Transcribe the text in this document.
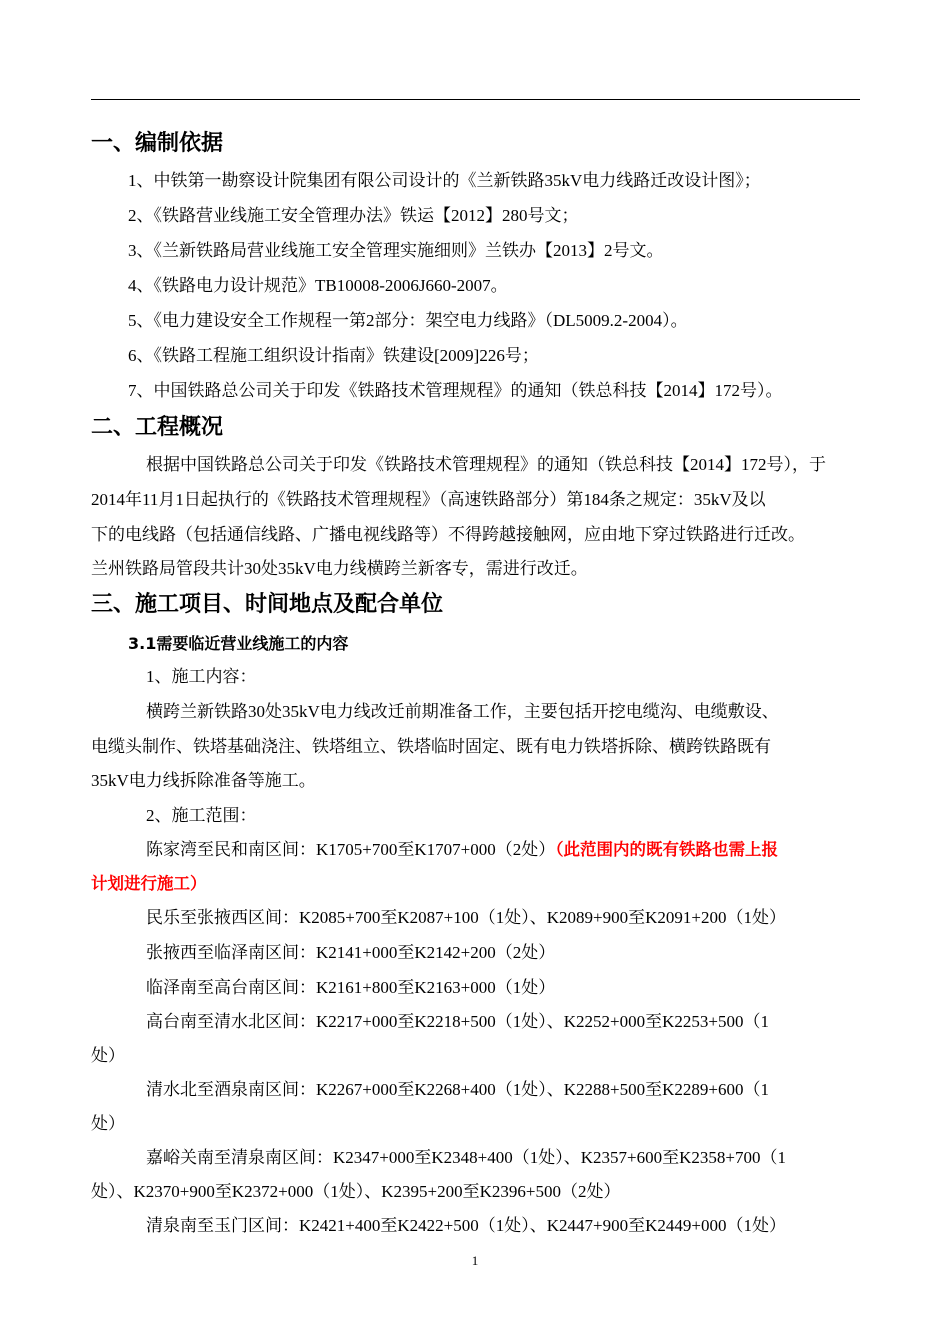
一、编制依据
1、中铁第一勘察设计院集团有限公司设计的《兰新铁路35kV电力线路迁改设计图》；
2、《铁路营业线施工安全管理办法》铁运【2012】280号文；
3、《兰新铁路局营业线施工安全管理实施细则》兰铁办【2013】2号文。
4、《铁路电力设计规范》TB10008-2006J660-2007。
5、《电力建设安全工作规程一第2部分：架空电力线路》（DL5009.2-2004）。
6、《铁路工程施工组织设计指南》铁建设[2009]226号；
7、中国铁路总公司关于印发《铁路技术管理规程》的通知（铁总科技【2014】172号）。
二、工程概况
根据中国铁路总公司关于印发《铁路技术管理规程》的通知（铁总科技【2014】172号），于
2014年11月1日起执行的《铁路技术管理规程》（高速铁路部分）第184条之规定：35kV及以
下的电线路（包括通信线路、广播电视线路等）不得跨越接触网，应由地下穿过铁路进行迁改。
兰州铁路局管段共计30处35kV电力线横跨兰新客专，需进行改迁。
三、施工项目、时间地点及配合单位
3.1需要临近营业线施工的内容
1、施工内容：
横跨兰新铁路30处35kV电力线改迁前期准备工作，主要包括开挖电缆沟、电缆敷设、
电缆头制作、铁塔基础浇注、铁塔组立、铁塔临时固定、既有电力铁塔拆除、横跨铁路既有
35kV电力线拆除准备等施工。
2、施工范围：
陈家湾至民和南区间：K1705+700至K1707+000（2处）（此范围内的既有铁路也需上报
计划进行施工）
民乐至张掖西区间：K2085+700至K2087+100（1处）、K2089+900至K2091+200（1处）
张掖西至临泽南区间：K2141+000至K2142+200（2处）
临泽南至高台南区间：K2161+800至K2163+000（1处）
高台南至清水北区间：K2217+000至K2218+500（1处）、K2252+000至K2253+500（1
处）
清水北至酒泉南区间：K2267+000至K2268+400（1处）、K2288+500至K2289+600（1
处）
嘉峪关南至清泉南区间：K2347+000至K2348+400（1处）、K2357+600至K2358+700（1
处）、K2370+900至K2372+000（1处）、K2395+200至K2396+500（2处）
清泉南至玉门区间：K2421+400至K2422+500（1处）、K2447+900至K2449+000（1处）
1
